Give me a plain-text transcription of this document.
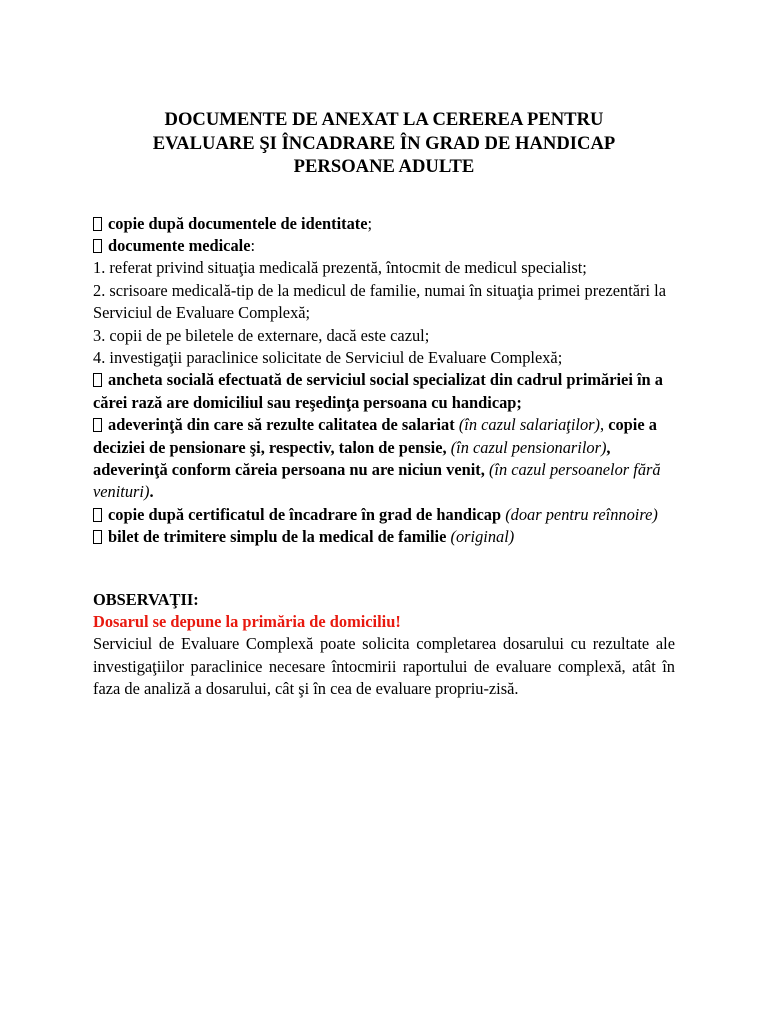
DOCUMENTE DE ANEXAT LA CEREREA PENTRU
EVALUARE ŞI ÎNCADRARE ÎN GRAD DE HANDICAP
PERSOANE ADULTE
copie după documentele de identitate;
documente medicale:
1. referat privind situaţia medicală prezentă, întocmit de medicul specialist;
2. scrisoare medicală-tip de la medicul de familie, numai în situaţia primei prezentări la Serviciul de Evaluare Complexă;
3. copii de pe biletele de externare, dacă este cazul;
4. investigaţii paraclinice solicitate de Serviciul de Evaluare Complexă;
ancheta socială efectuată de serviciul social specializat din cadrul primăriei în a cărei rază are domiciliul sau reşedinţa persoana cu handicap;
adeverinţă din care să rezulte calitatea de salariat (în cazul salariaţilor), copie a deciziei de pensionare şi, respectiv, talon de pensie, (în cazul pensionarilor), adeverinţă conform căreia persoana nu are niciun venit, (în cazul persoanelor fără venituri).
copie după certificatul de încadrare în grad de handicap (doar pentru reînnoire)
bilet de trimitere simplu de la medical de familie (original)
OBSERVAŢII:
Dosarul se depune la primăria de domiciliu!
Serviciul de Evaluare Complexă poate solicita completarea dosarului cu rezultate ale investigaţiilor paraclinice necesare întocmirii raportului de evaluare complexă, atât în faza de analiză a dosarului, cât şi în cea de evaluare propriu-zisă.
